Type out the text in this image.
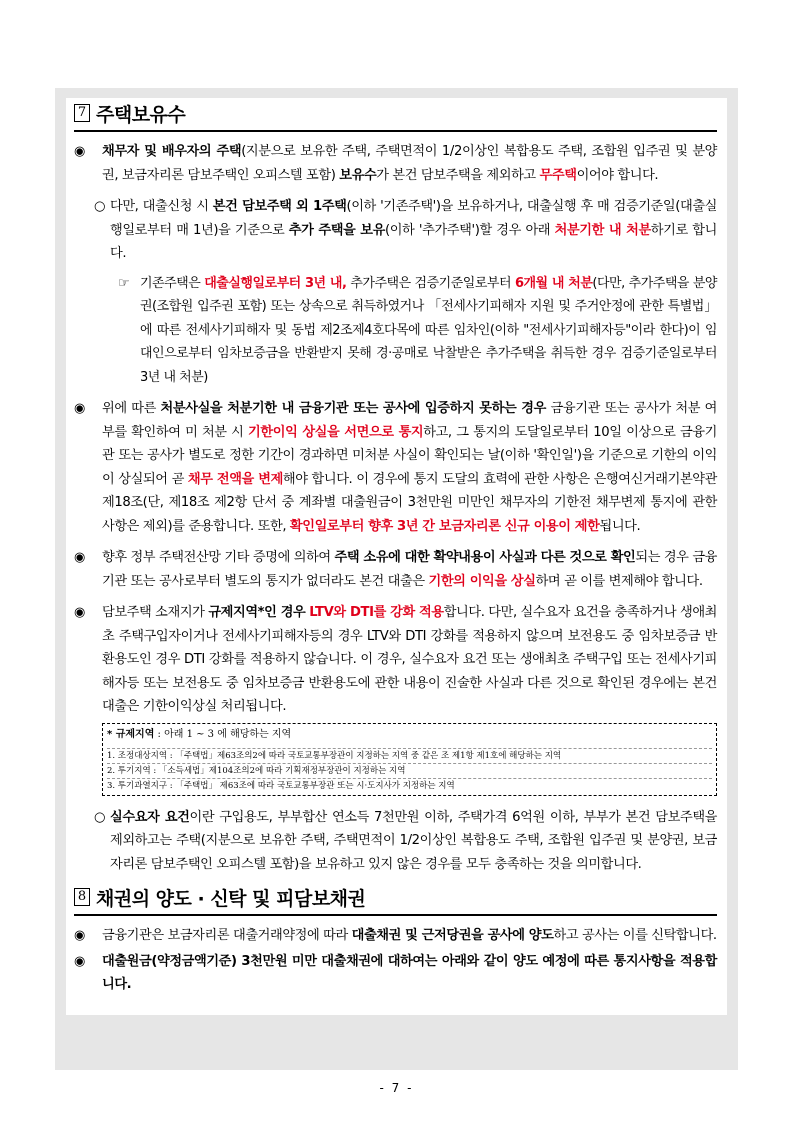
7 주택보유수
◉	채무자 및 배우자의 주택(지분으로 보유한 주택, 주택면적이 1/2이상인 복합용도 주택, 조합원 입주권 및 분양권, 보금자리론 담보주택인 오피스텔 포함) 보유수가 본건 담보주택을 제외하고 무주택이어야 합니다.
○ 다만, 대출신청 시 본건 담보주택 외 1주택(이하 '기존주택')을 보유하거나, 대출실행 후 매 검증기준일(대출실행일로부터 매 1년)을 기준으로 추가 주택을 보유(이하 '추가주택')할 경우 아래 처분기한 내 처분하기로 합니다.
☞ 기존주택은 대출실행일로부터 3년 내, 추가주택은 검증기준일로부터 6개월 내 처분(다만, 추가주택을 분양권(조합원 입주권 포함) 또는 상속으로 취득하였거나 「전세사기피해자 지원 및 주거안정에 관한 특별법」에 따른 전세사기피해자 및 동법 제2조제4호다목에 따른 임차인(이하 "전세사기피해자등"이라 한다)이 임대인으로부터 임차보증금을 반환받지 못해 경·공매로 낙찰받은 추가주택을 취득한 경우 검증기준일로부터 3년 내 처분)
◉	위에 따른 처분사실을 처분기한 내 금융기관 또는 공사에 입증하지 못하는 경우 금융기관 또는 공사가 처분 여부를 확인하여 미 처분 시 기한이익 상실을 서면으로 통지하고, 그 통지의 도달일로부터 10일 이상으로 금융기관 또는 공사가 별도로 정한 기간이 경과하면 미처분 사실이 확인되는 날(이하 '확인일')을 기준으로 기한의 이익이 상실되어 곧 채무 전액을 변제해야 합니다. 이 경우에 통지 도달의 효력에 관한 사항은 은행여신거래기본약관 제18조(단, 제18조 제2항 단서 중 계좌별 대출원금이 3천만원 미만인 채무자의 기한전 채무변제 통지에 관한 사항은 제외)를 준용합니다. 또한, 확인일로부터 향후 3년 간 보금자리론 신규 이용이 제한됩니다.
◉	향후 정부 주택전산망 기타 증명에 의하여 주택 소유에 대한 확약내용이 사실과 다른 것으로 확인되는 경우 금융기관 또는 공사로부터 별도의 통지가 없더라도 본건 대출은 기한의 이익을 상실하며 곧 이를 변제해야 합니다.
◉	담보주택 소재지가 규제지역*인 경우 LTV와 DTI를 강화 적용합니다. 다만, 실수요자 요건을 충족하거나 생애최초 주택구입자이거나 전세사기피해자등의 경우 LTV와 DTI 강화를 적용하지 않으며 보전용도 중 임차보증금 반환용도인 경우 DTI 강화를 적용하지 않습니다. 이 경우, 실수요자 요건 또는 생애최초 주택구입 또는 전세사기피해자등 또는 보전용도 중 임차보증금 반환용도에 관한 내용이 진술한 사실과 다른 것으로 확인된 경우에는 본건 대출은 기한이익상실 처리됩니다.
* 규제지역 : 아래 1 ~ 3 에 해당하는 지역
1. 조정대상지역 : 「주택법」제63조의2에 따라 국토교통부장관이 지정하는 지역 중 같은 조 제1항 제1호에 해당하는 지역
2. 투기지역 : 「소득세법」제104조의2에 따라 기획재정부장관이 지정하는 지역
3. 투기과열지구 : 「주택법」 제63조에 따라 국토교통부장관 또는 시·도지사가 지정하는 지역
○ 실수요자 요건이란 구입용도, 부부합산 연소득 7천만원 이하, 주택가격 6억원 이하, 부부가 본건 담보주택을 제외하고는 주택(지분으로 보유한 주택, 주택면적이 1/2이상인 복합용도 주택, 조합원 입주권 및 분양권, 보금자리론 담보주택인 오피스텔 포함)을 보유하고 있지 않은 경우를 모두 충족하는 것을 의미합니다.
8 채권의 양도 · 신탁 및 피담보채권
◉	금융기관은 보금자리론 대출거래약정에 따라 대출채권 및 근저당권을 공사에 양도하고 공사는 이를 신탁합니다.
◉	대출원금(약정금액기준) 3천만원 미만 대출채권에 대하여는 아래와 같이 양도 예정에 따른 통지사항을 적용합니다.
- 7 -
